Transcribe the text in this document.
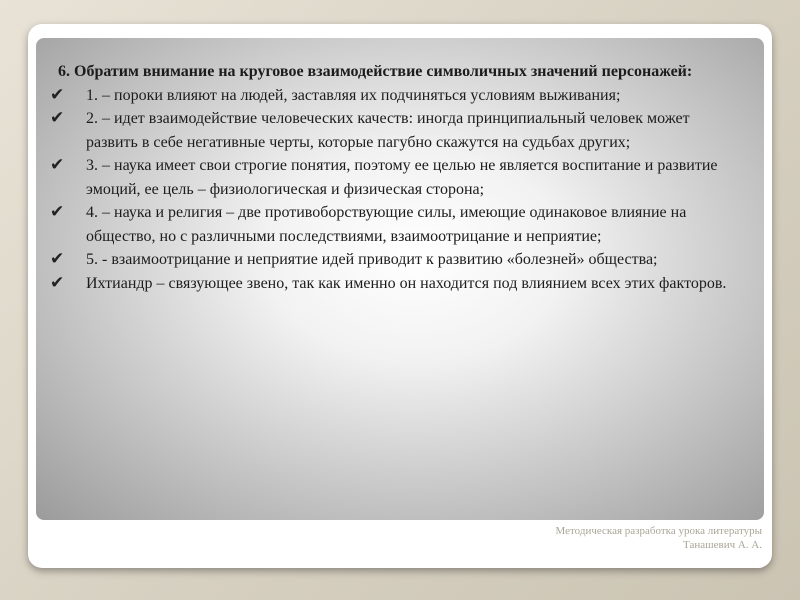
6. Обратим внимание на круговое взаимодействие символичных значений персонажей:

✔	1. – пороки влияют на людей, заставляя их подчиняться условиям выживания;
✔	2. – идет взаимодействие человеческих качеств: иногда принципиальный человек может развить в себе негативные черты, которые пагубно скажутся на судьбах других;
✔	3. – наука имеет свои строгие понятия, поэтому ее целью не является воспитание и развитие эмоций, ее цель – физиологическая и физическая сторона;
✔	4. – наука и религия – две противоборствующие силы, имеющие одинаковое влияние на общество, но с различными последствиями, взаимоотрицание и неприятие;
✔	5. - взаимоотрицание и неприятие идей приводит к развитию «болезней» общества;
✔	Ихтиандр – связующее звено, так как именно он находится под влиянием всех этих факторов.
Методическая разработка урока литературы
Танашевич А. А.
